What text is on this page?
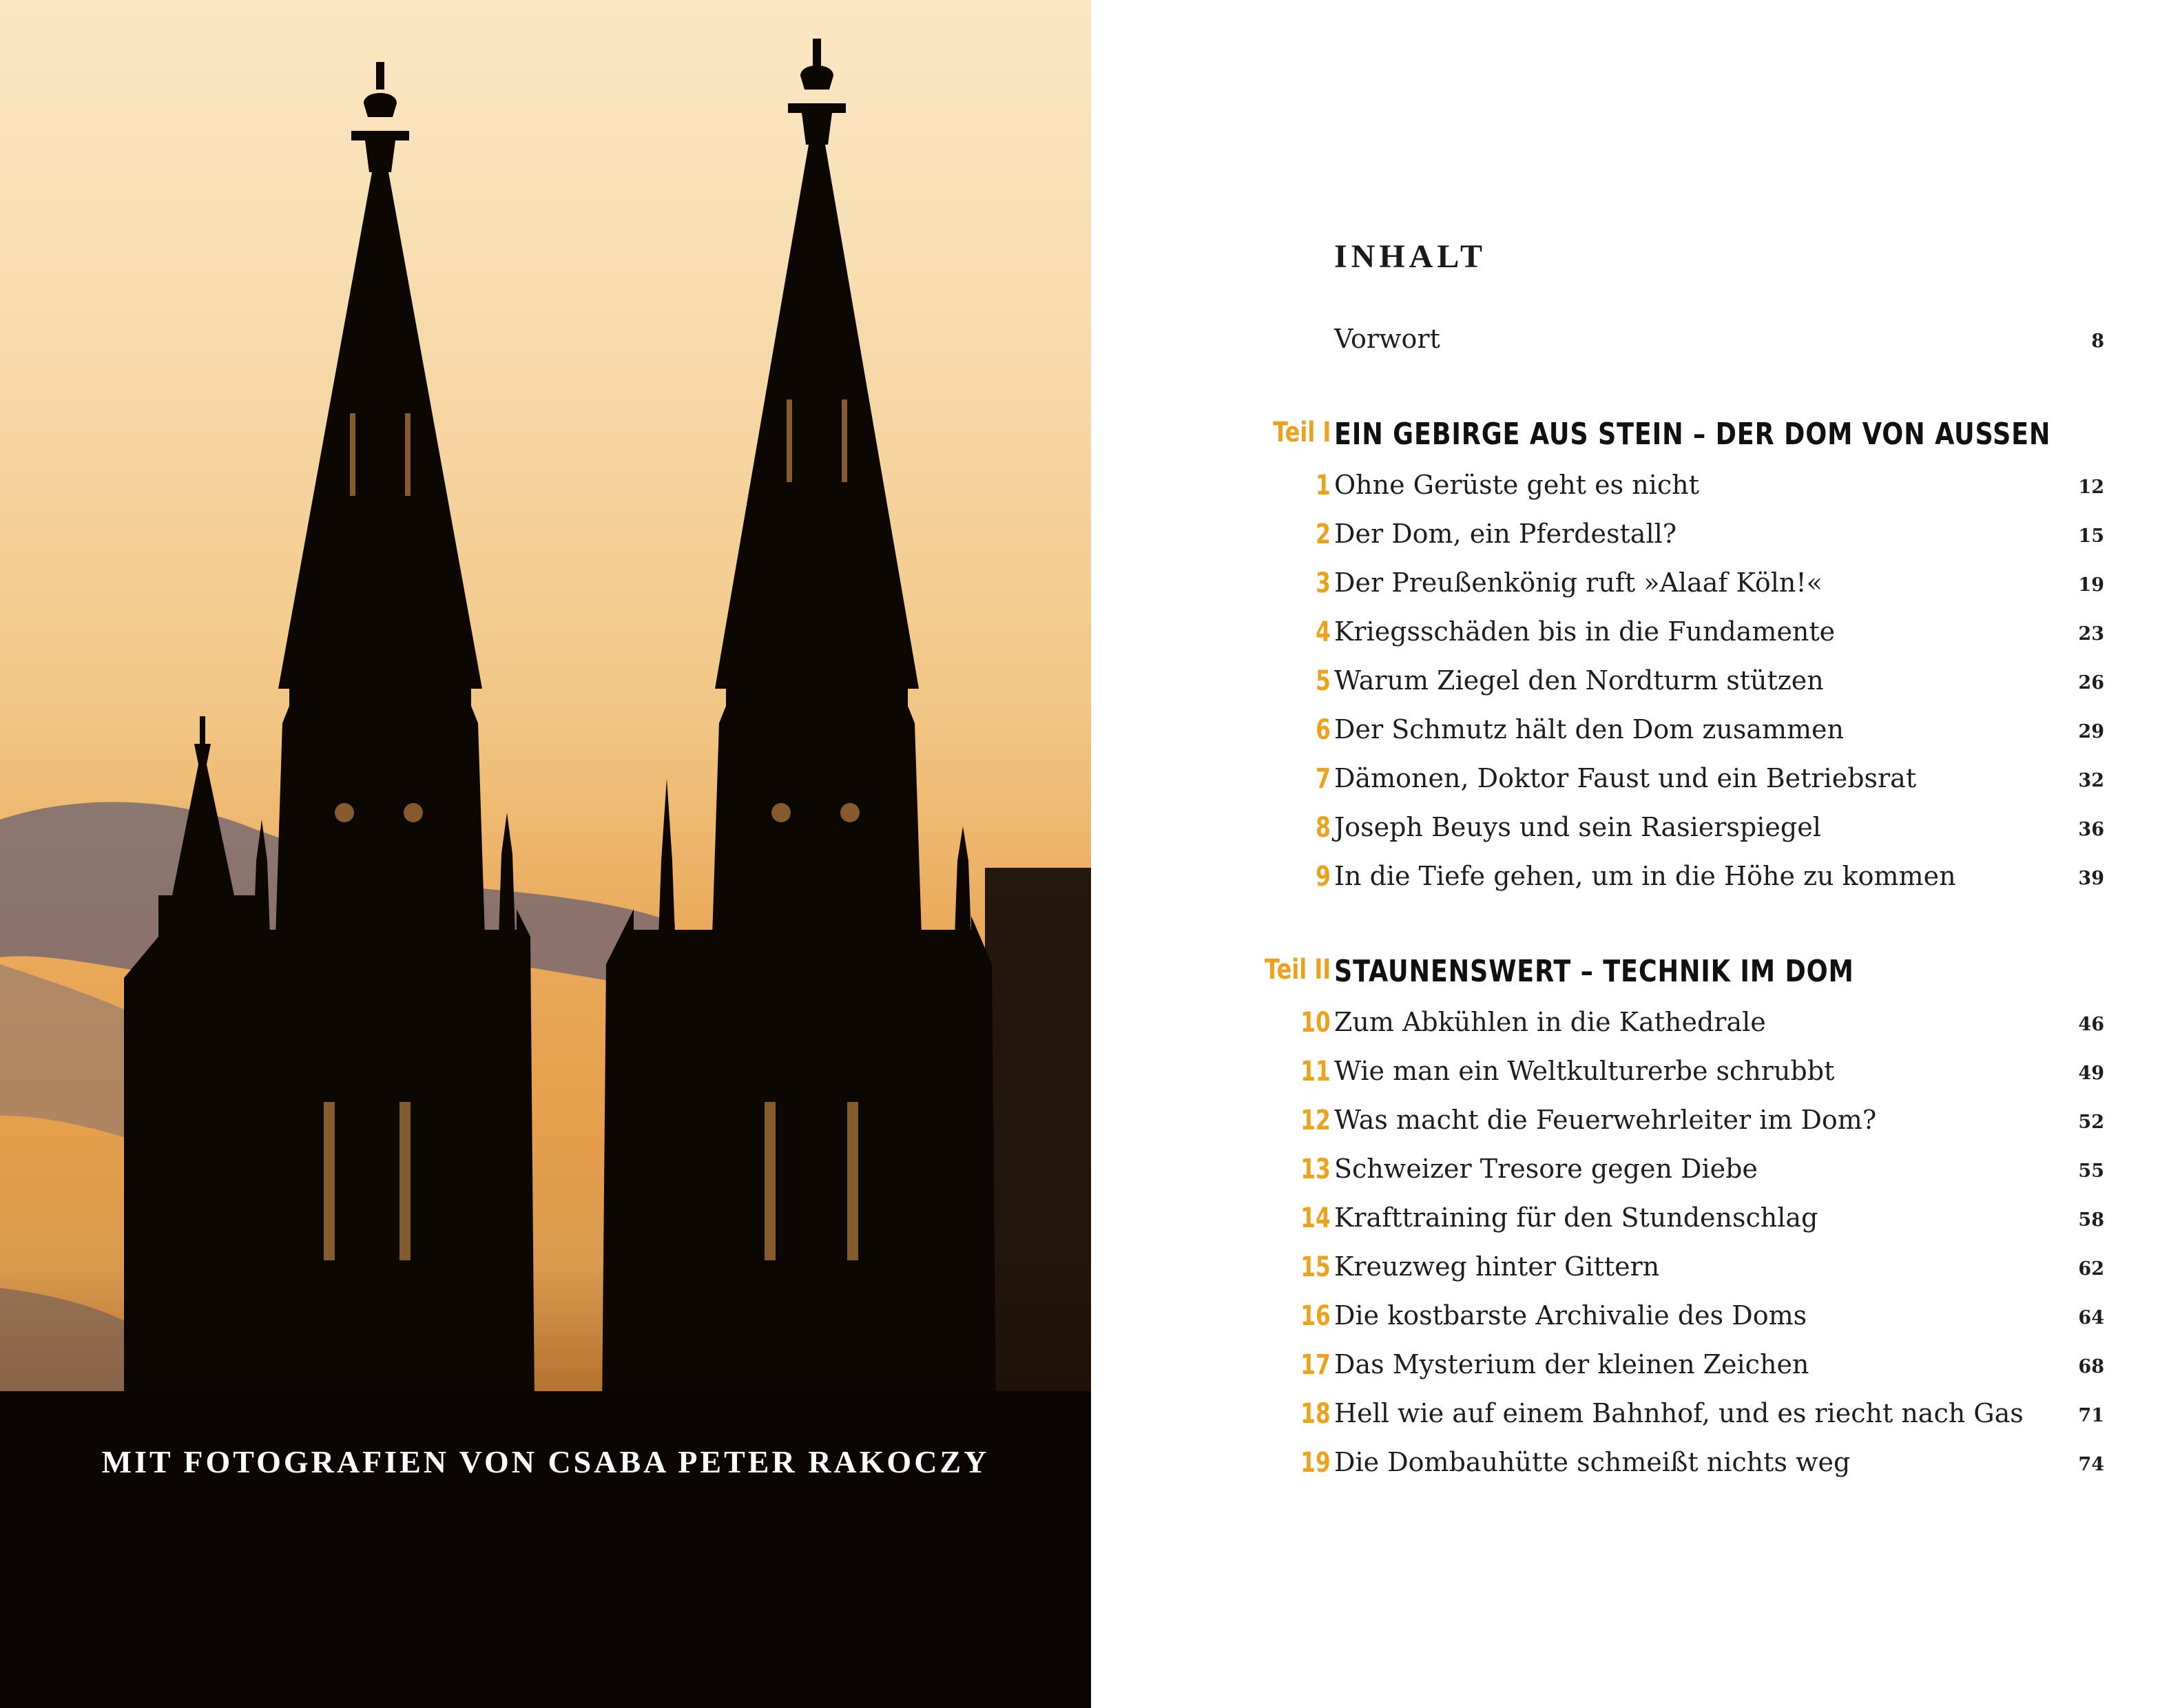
MIT FOTOGRAFIEN VON CSABA PETER RAKOCZY
INHALT
Vorwort	8
Teil I EIN GEBIRGE AUS STEIN – DER DOM VON AUSSEN
1 Ohne Gerüste geht es nicht	12
2 Der Dom, ein Pferdestall?	15
3 Der Preußenkönig ruft »Alaaf Köln!«	19
4 Kriegsschäden bis in die Fundamente	23
5 Warum Ziegel den Nordturm stützen	26
6 Der Schmutz hält den Dom zusammen	29
7 Dämonen, Doktor Faust und ein Betriebsrat	32
8 Joseph Beuys und sein Rasierspiegel	36
9 In die Tiefe gehen, um in die Höhe zu kommen	39
Teil II STAUNENSWERT – TECHNIK IM DOM
10 Zum Abkühlen in die Kathedrale	46
11 Wie man ein Weltkulturerbe schrubbt	49
12 Was macht die Feuerwehrleiter im Dom?	52
13 Schweizer Tresore gegen Diebe	55
14 Krafttraining für den Stundenschlag	58
15 Kreuzweg hinter Gittern	62
16 Die kostbarste Archivalie des Doms	64
17 Das Mysterium der kleinen Zeichen	68
18 Hell wie auf einem Bahnhof, und es riecht nach Gas	71
19 Die Dombauhütte schmeißt nichts weg	74
